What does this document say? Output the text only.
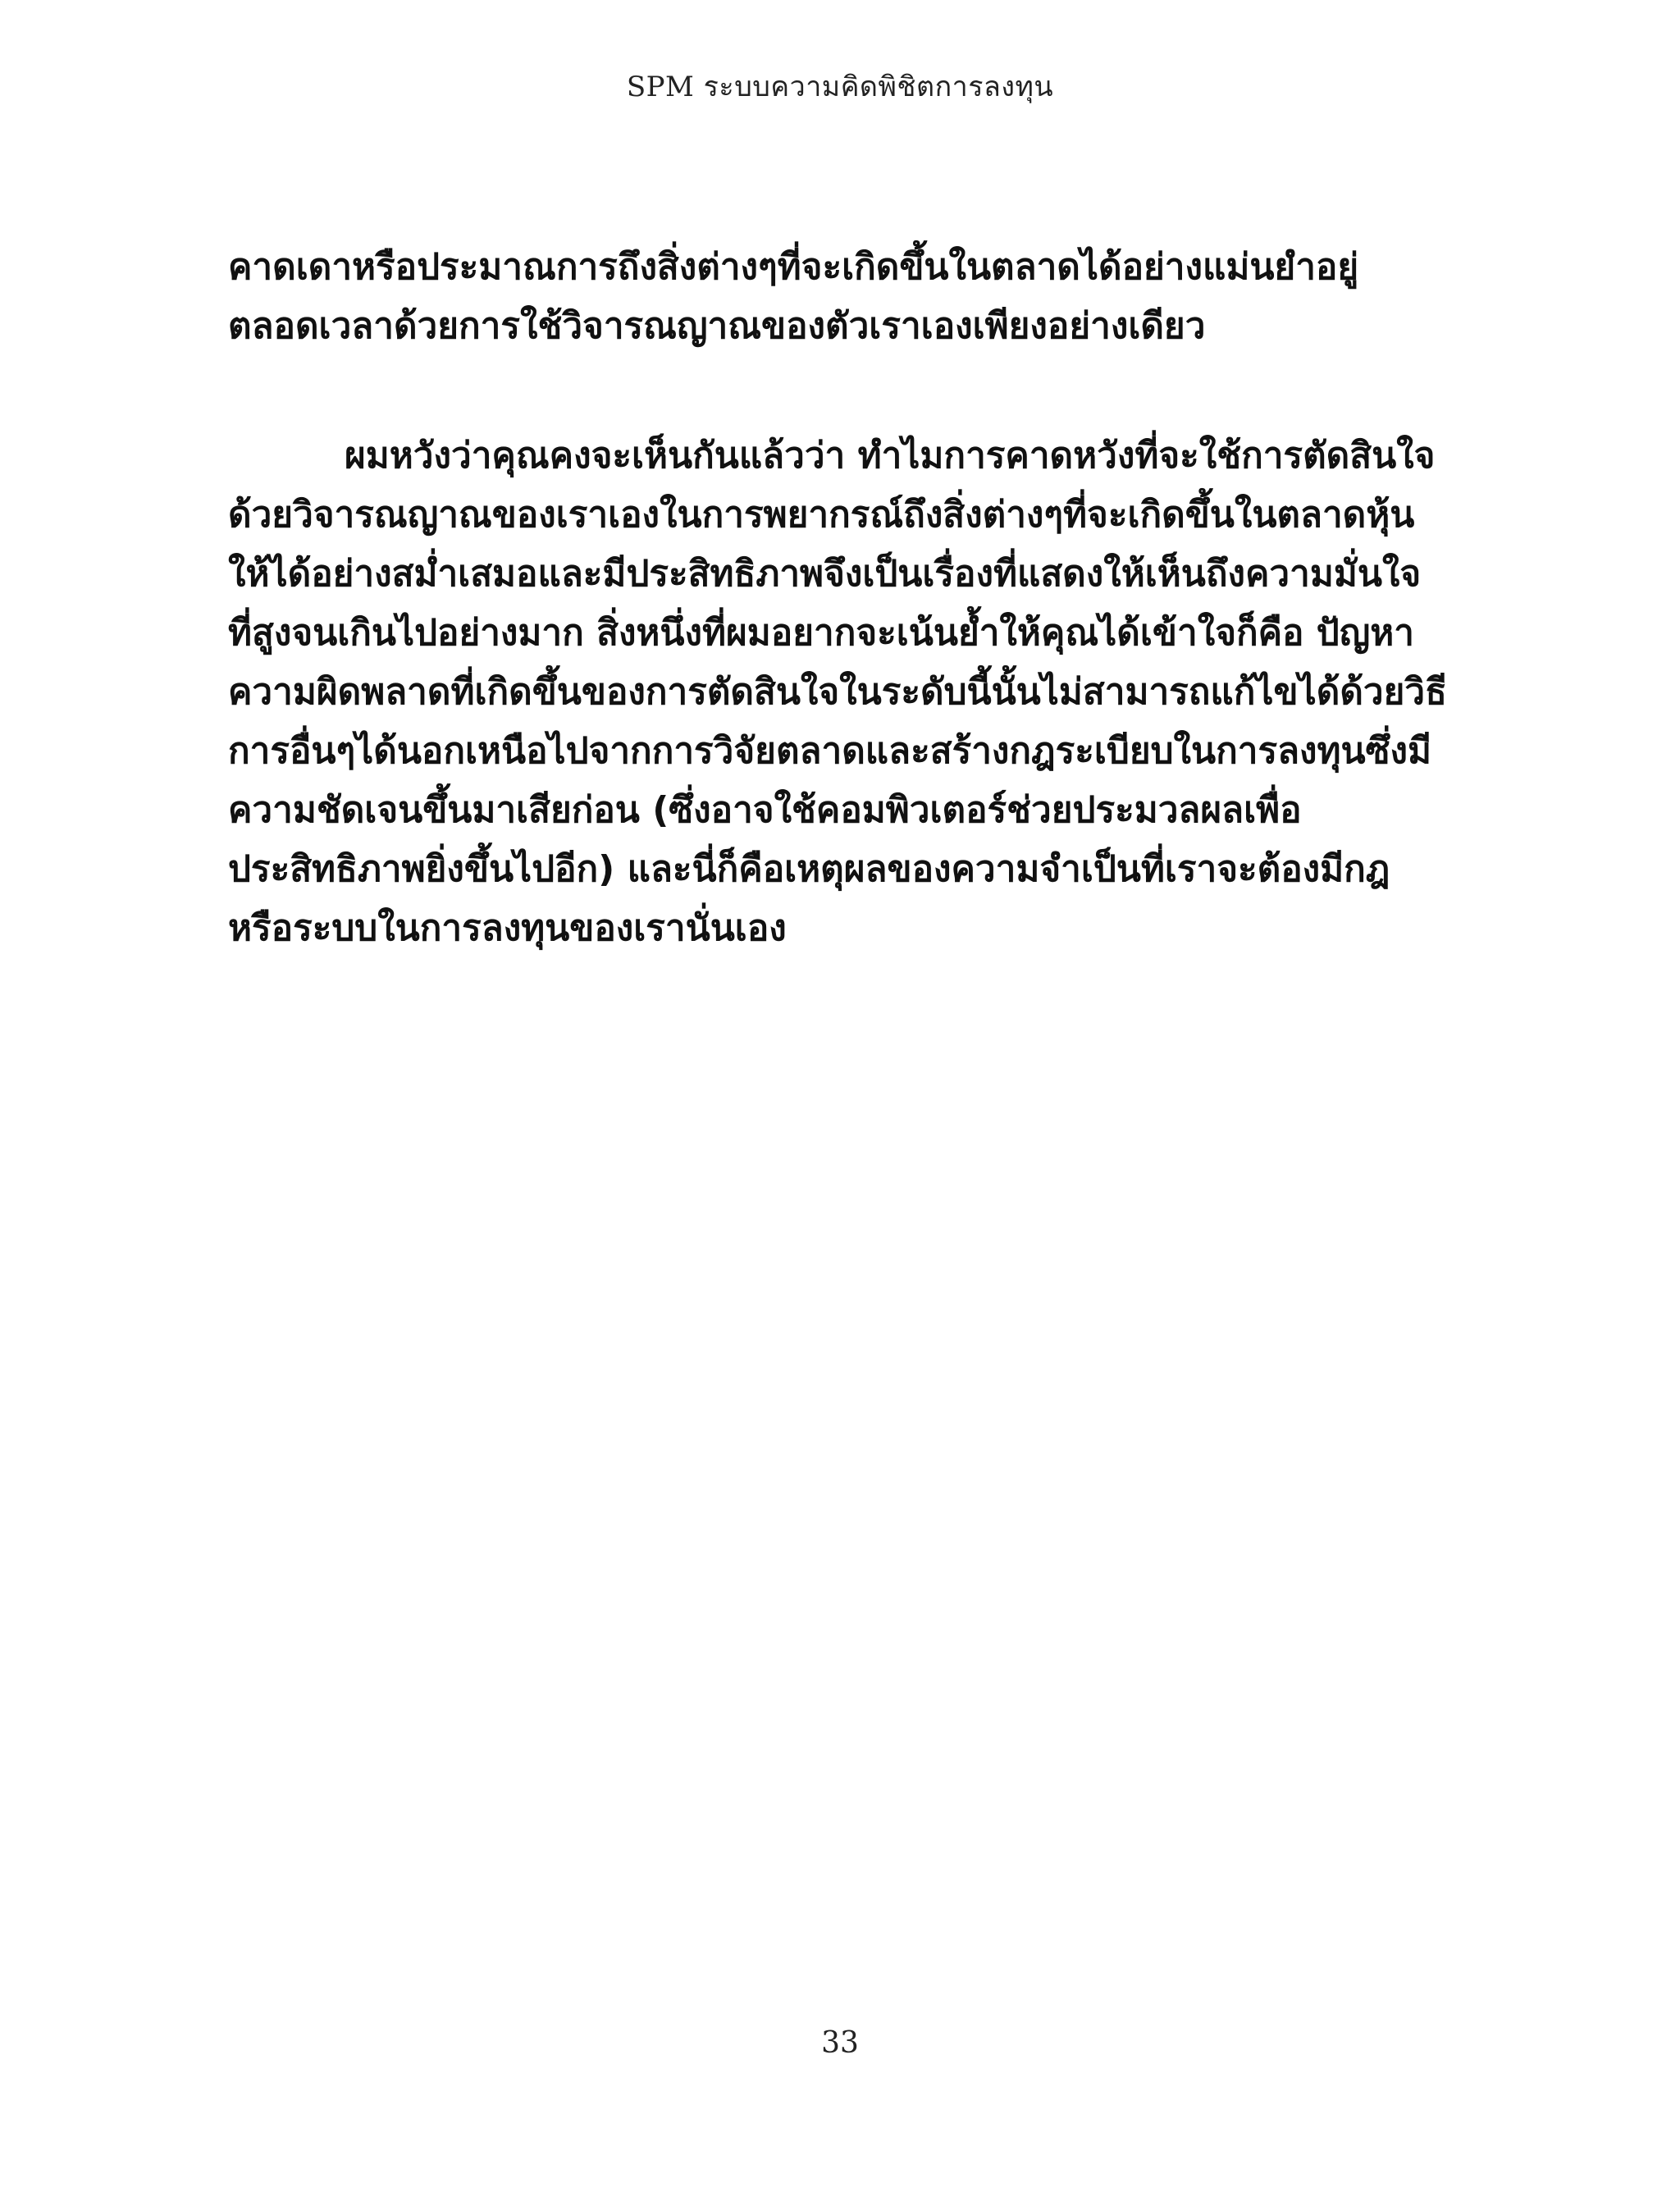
SPM ระบบความคิดพิชิตการลงทุน
คาดเดาหรือประมาณการถึงสิ่งต่างๆที่จะเกิดขึ้นในตลาดได้อย่างแม่นยำอยู่
ตลอดเวลาด้วยการใช้วิจารณญาณของตัวเราเองเพียงอย่างเดียว
ผมหวังว่าคุณคงจะเห็นกันแล้วว่า ทำไมการคาดหวังที่จะใช้การตัดสินใจ
ด้วยวิจารณญาณของเราเองในการพยากรณ์ถึงสิ่งต่างๆที่จะเกิดขึ้นในตลาดหุ้น
ให้ได้อย่างสม่ำเสมอและมีประสิทธิภาพจึงเป็นเรื่องที่แสดงให้เห็นถึงความมั่นใจ
ที่สูงจนเกินไปอย่างมาก สิ่งหนึ่งที่ผมอยากจะเน้นย้ำให้คุณได้เข้าใจก็คือ ปัญหา
ความผิดพลาดที่เกิดขึ้นของการตัดสินใจในระดับนี้นั้นไม่สามารถแก้ไขได้ด้วยวิธี
การอื่นๆได้นอกเหนือไปจากการวิจัยตลาดและสร้างกฎระเบียบในการลงทุนซึ่งมี
ความชัดเจนขึ้นมาเสียก่อน (ซึ่งอาจใช้คอมพิวเตอร์ช่วยประมวลผลเพื่อ
ประสิทธิภาพยิ่งขึ้นไปอีก) และนี่ก็คือเหตุผลของความจำเป็นที่เราจะต้องมีกฎ
หรือระบบในการลงทุนของเรานั่นเอง
33
